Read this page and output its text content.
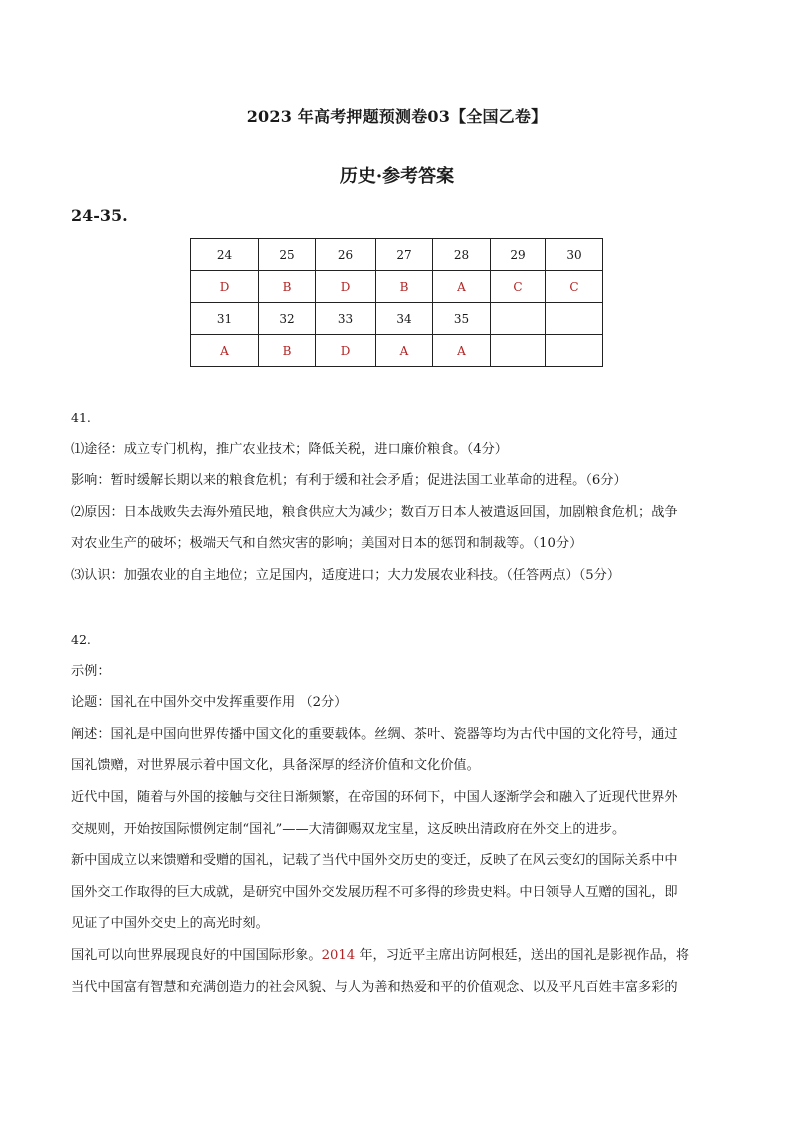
2023 年高考押题预测卷03【全国乙卷】
历史·参考答案
24-35.
24	25	26	27	28	29	30
D	B	D	B	A	C	C
31	32	33	34	35		
A	B	D	A	A		
41.
⑴途径：成立专门机构，推广农业技术；降低关税，进口廉价粮食。（4分）
影响：暂时缓解长期以来的粮食危机；有利于缓和社会矛盾；促进法国工业革命的进程。（6分）
⑵原因：日本战败失去海外殖民地，粮食供应大为减少；数百万日本人被遣返回国，加剧粮食危机；战争
对农业生产的破坏；极端天气和自然灾害的影响；美国对日本的惩罚和制裁等。（10分）
⑶认识：加强农业的自主地位；立足国内，适度进口；大力发展农业科技。（任答两点）（5分）
42.
示例：
论题：国礼在中国外交中发挥重要作用 （2分）
阐述：国礼是中国向世界传播中国文化的重要载体。丝绸、茶叶、瓷器等均为古代中国的文化符号，通过
国礼馈赠，对世界展示着中国文化，具备深厚的经济价值和文化价值。
近代中国，随着与外国的接触与交往日渐频繁，在帝国的环伺下，中国人逐渐学会和融入了近现代世界外
交规则，开始按国际惯例定制“国礼”——大清御赐双龙宝星，这反映出清政府在外交上的进步。
新中国成立以来馈赠和受赠的国礼，记载了当代中国外交历史的变迁，反映了在风云变幻的国际关系中中
国外交工作取得的巨大成就，是研究中国外交发展历程不可多得的珍贵史料。中日领导人互赠的国礼，即
见证了中国外交史上的高光时刻。
国礼可以向世界展现良好的中国国际形象。2014 年，习近平主席出访阿根廷，送出的国礼是影视作品，将
当代中国富有智慧和充满创造力的社会风貌、与人为善和热爱和平的价值观念、以及平凡百姓丰富多彩的
